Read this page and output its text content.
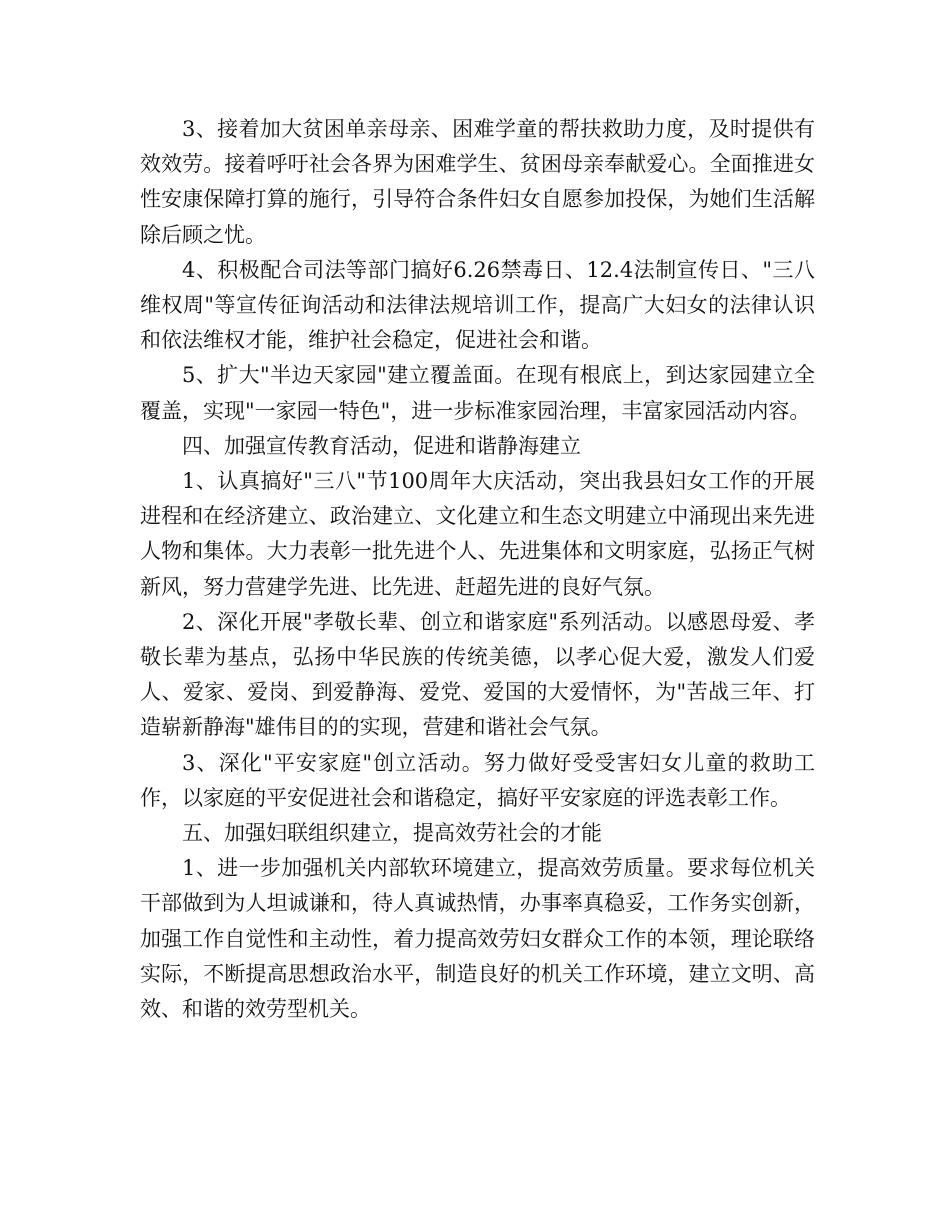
3、接着加大贫困单亲母亲、困难学童的帮扶救助力度，及时提供有效效劳。接着呼吁社会各界为困难学生、贫困母亲奉献爱心。全面推进女性安康保障打算的施行，引导符合条件妇女自愿参加投保，为她们生活解除后顾之忧。

4、积极配合司法等部门搞好6.26禁毒日、12.4法制宣传日、"三八维权周"等宣传征询活动和法律法规培训工作，提高广大妇女的法律认识和依法维权才能，维护社会稳定，促进社会和谐。

5、扩大"半边天家园"建立覆盖面。在现有根底上，到达家园建立全覆盖，实现"一家园一特色"，进一步标准家园治理，丰富家园活动内容。

四、加强宣传教育活动，促进和谐静海建立

1、认真搞好"三八"节100周年大庆活动，突出我县妇女工作的开展进程和在经济建立、政治建立、文化建立和生态文明建立中涌现出来先进人物和集体。大力表彰一批先进个人、先进集体和文明家庭，弘扬正气树新风，努力营建学先进、比先进、赶超先进的良好气氛。

2、深化开展"孝敬长辈、创立和谐家庭"系列活动。以感恩母爱、孝敬长辈为基点，弘扬中华民族的传统美德，以孝心促大爱，激发人们爱人、爱家、爱岗、到爱静海、爱党、爱国的大爱情怀，为"苦战三年、打造崭新静海"雄伟目的的实现，营建和谐社会气氛。

3、深化"平安家庭"创立活动。努力做好受受害妇女儿童的救助工作，以家庭的平安促进社会和谐稳定，搞好平安家庭的评选表彰工作。

五、加强妇联组织建立，提高效劳社会的才能

1、进一步加强机关内部软环境建立，提高效劳质量。要求每位机关干部做到为人坦诚谦和，待人真诚热情，办事率真稳妥，工作务实创新，加强工作自觉性和主动性，着力提高效劳妇女群众工作的本领，理论联络实际，不断提高思想政治水平，制造良好的机关工作环境，建立文明、高效、和谐的效劳型机关。
